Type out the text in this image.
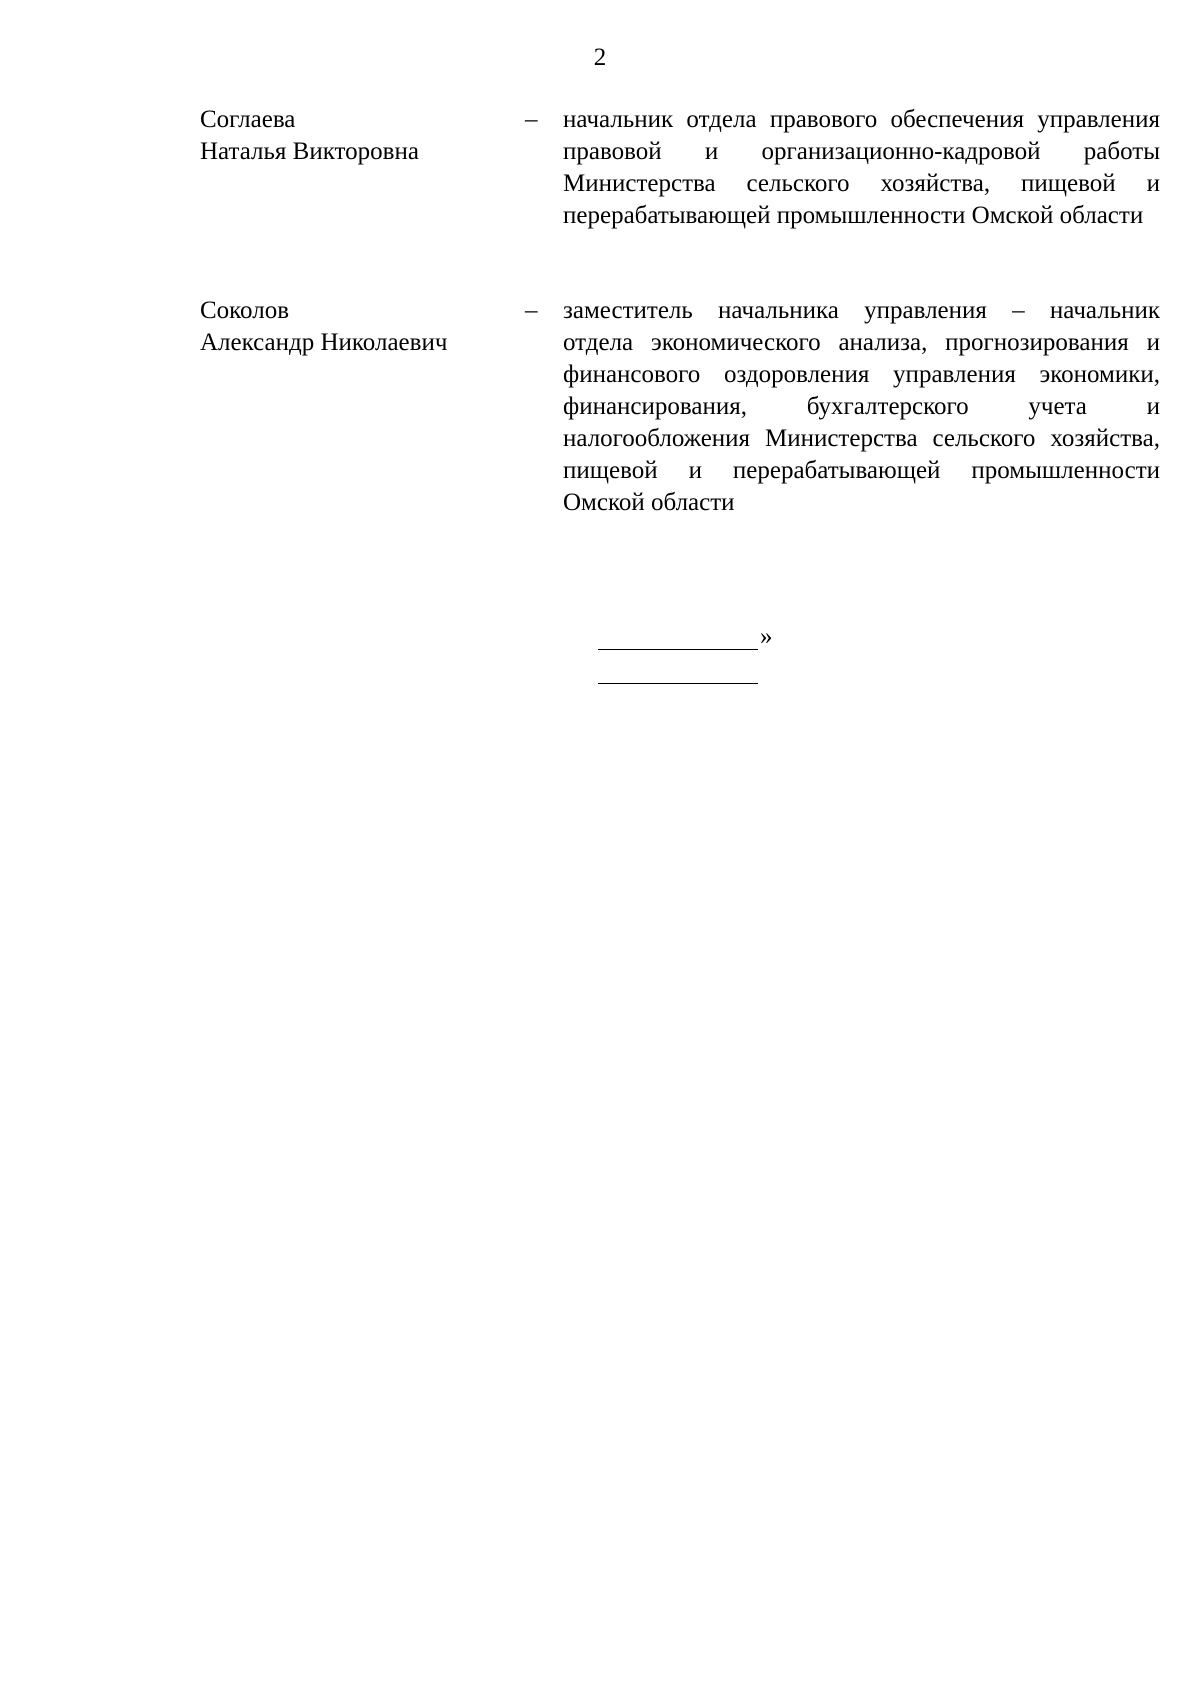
2
Соглаева
Наталья Викторовна
–	начальник отдела правового обеспечения управления правовой и организационно-кадровой работы Министерства сельского хозяйства, пищевой и перерабатывающей промышленности Омской области
Соколов
Александр Николаевич
–	заместитель начальника управления – начальник отдела экономического анализа, прогнозирования и финансового оздоровления управления экономики, финансирования, бухгалтерского учета и налогообложения Министерства сельского хозяйства, пищевой и перерабатывающей промышленности Омской области
»
